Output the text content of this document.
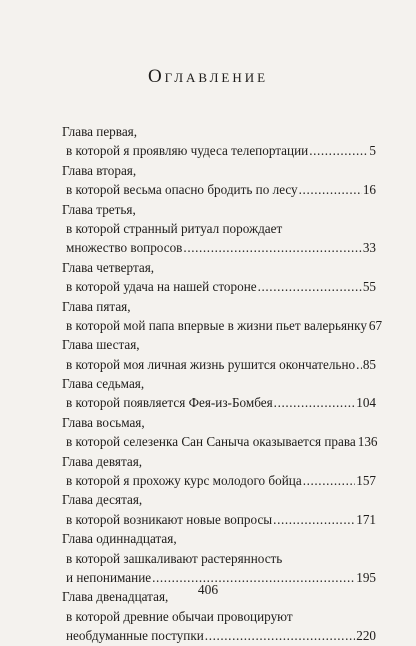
Оглавление
Глава первая,
в которой я проявляю чудеса телепортации .....	5
Глава вторая,
в которой весьма опасно бродить по лесу .....	16
Глава третья,
в которой странный ритуал порождает
множество вопросов .....	33
Глава четвертая,
в которой удача на нашей стороне .....	55
Глава пятая,
в которой мой папа впервые в жизни пьет валерьянку 67
Глава шестая,
в которой моя личная жизнь рушится окончательно ..... 85
Глава седьмая,
в которой появляется Фея-из-Бомбея .....	104
Глава восьмая,
в которой селезенка Сан Саныча оказывается права 136
Глава девятая,
в которой я прохожу курс молодого бойца .....	157
Глава десятая,
в которой возникают новые вопросы .....	171
Глава одиннадцатая,
в которой зашкаливают растерянность
и непонимание .....	195
Глава двенадцатая,
в которой древние обычаи провоцируют
необдуманные поступки .....	220
406
